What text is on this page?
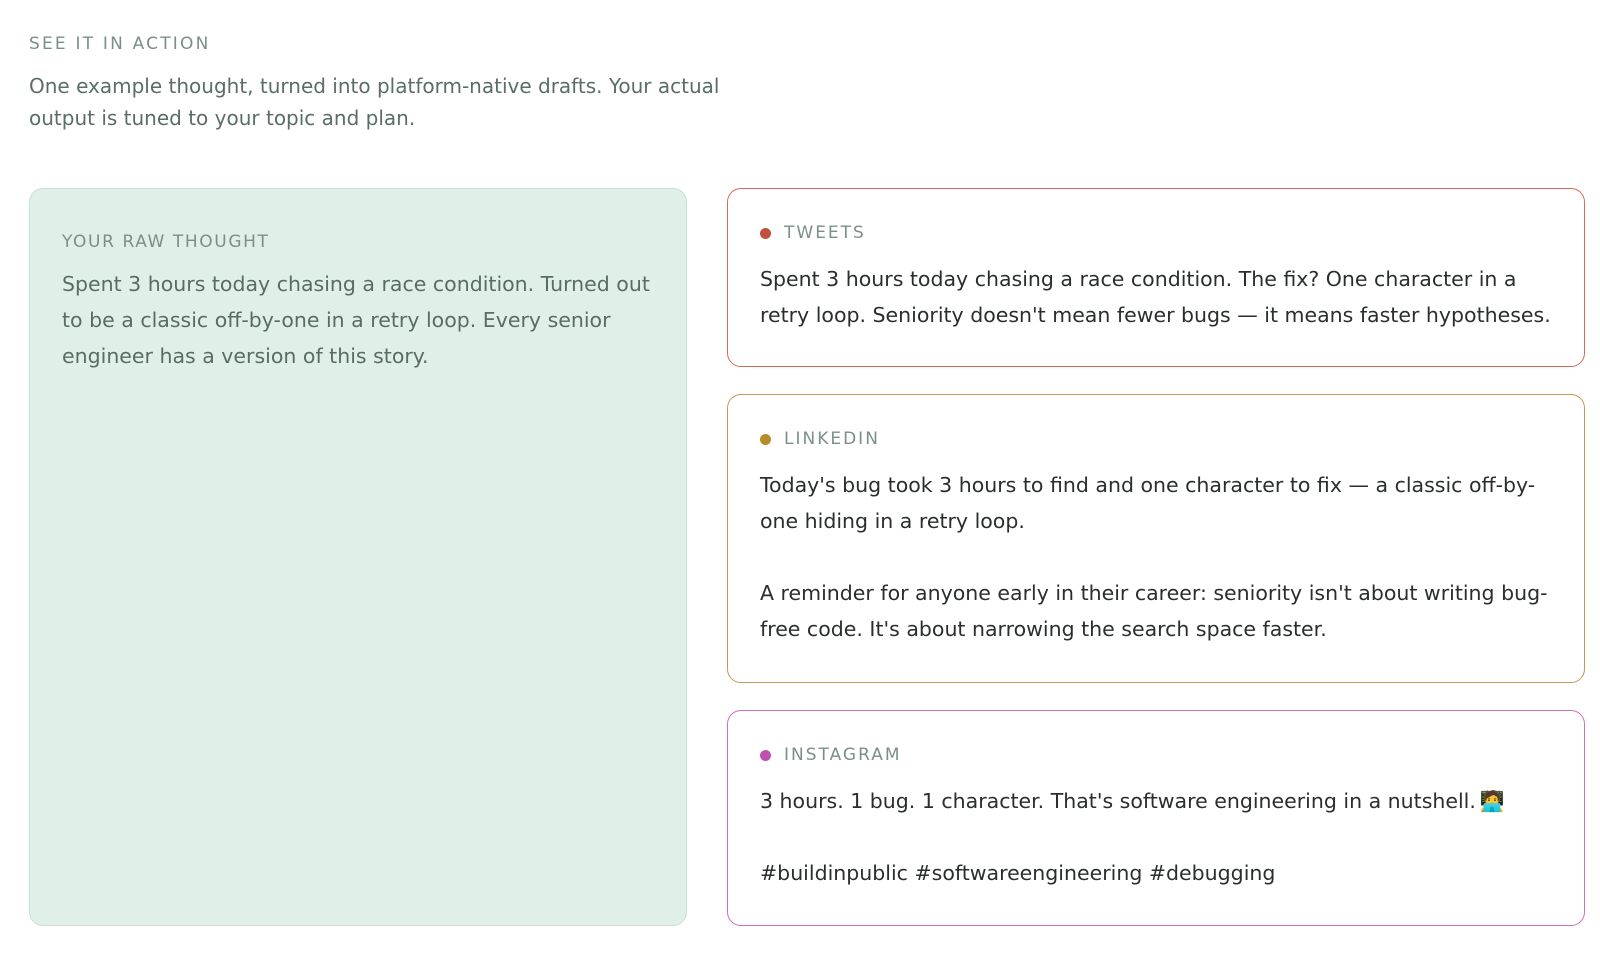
SEE IT IN ACTION
One example thought, turned into platform-native drafts. Your actual output is tuned to your topic and plan.
YOUR RAW THOUGHT

Spent 3 hours today chasing a race condition. Turned out to be a classic off-by-one in a retry loop. Every senior engineer has a version of this story.

TWEETS

Spent 3 hours today chasing a race condition. The fix? One character in a retry loop. Seniority doesn't mean fewer bugs — it means faster hypotheses.

LINKEDIN

Today's bug took 3 hours to find and one character to fix — a classic off-by-one hiding in a retry loop.

A reminder for anyone early in their career: seniority isn't about writing bug-free code. It's about narrowing the search space faster.

INSTAGRAM

3 hours. 1 bug. 1 character. That's software engineering in a nutshell. 🧑‍💻

#buildinpublic #softwareengineering #debugging
